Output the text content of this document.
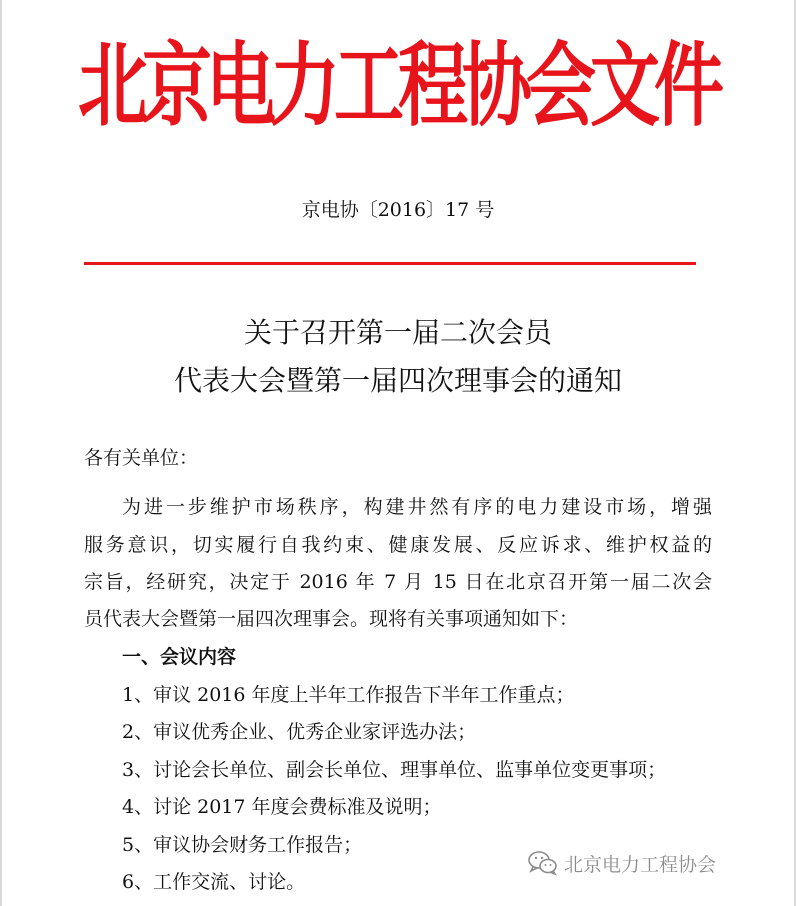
北京电力工程协会文件
京电协〔2016〕17 号
关于召开第一届二次会员
代表大会暨第一届四次理事会的通知
各有关单位：
为进一步维护市场秩序，构建井然有序的电力建设市场，增强
服务意识，切实履行自我约束、健康发展、反应诉求、维护权益的
宗旨，经研究，决定于 2016 年 7 月 15 日在北京召开第一届二次会
员代表大会暨第一届四次理事会。现将有关事项通知如下：
一、会议内容
1、审议 2016 年度上半年工作报告下半年工作重点；
2、审议优秀企业、优秀企业家评选办法；
3、讨论会长单位、副会长单位、理事单位、监事单位变更事项；
4、讨论 2017 年度会费标准及说明；
5、审议协会财务工作报告；
6、工作交流、讨论。
北京电力工程协会
